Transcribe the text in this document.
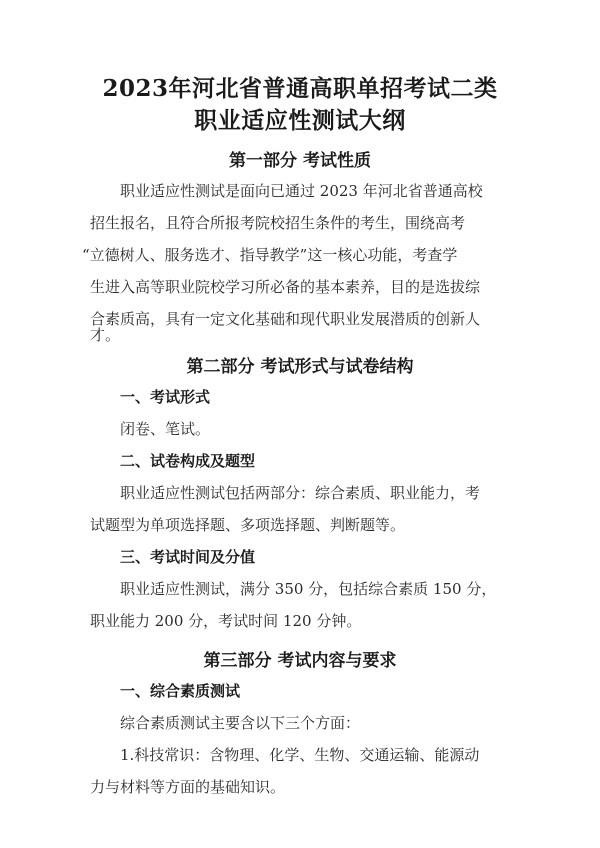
2023年河北省普通高职单招考试二类
职业适应性测试大纲
第一部分 考试性质
职业适应性测试是面向已通过 2023 年河北省普通高校
招生报名，且符合所报考院校招生条件的考生，围绕高考
“立德树人、服务选才、指导教学”这一核心功能，考查学
生进入高等职业院校学习所必备的基本素养，目的是选拔综
合素质高，具有一定文化基础和现代职业发展潜质的创新人
才。
第二部分 考试形式与试卷结构
一、考试形式
闭卷、笔试。
二、试卷构成及题型
职业适应性测试包括两部分：综合素质、职业能力，考
试题型为单项选择题、多项选择题、判断题等。
三、考试时间及分值
职业适应性测试，满分 350 分，包括综合素质 150 分，
职业能力 200 分，考试时间 120 分钟。
第三部分 考试内容与要求
一、综合素质测试
综合素质测试主要含以下三个方面：
1.科技常识：含物理、化学、生物、交通运输、能源动
力与材料等方面的基础知识。
